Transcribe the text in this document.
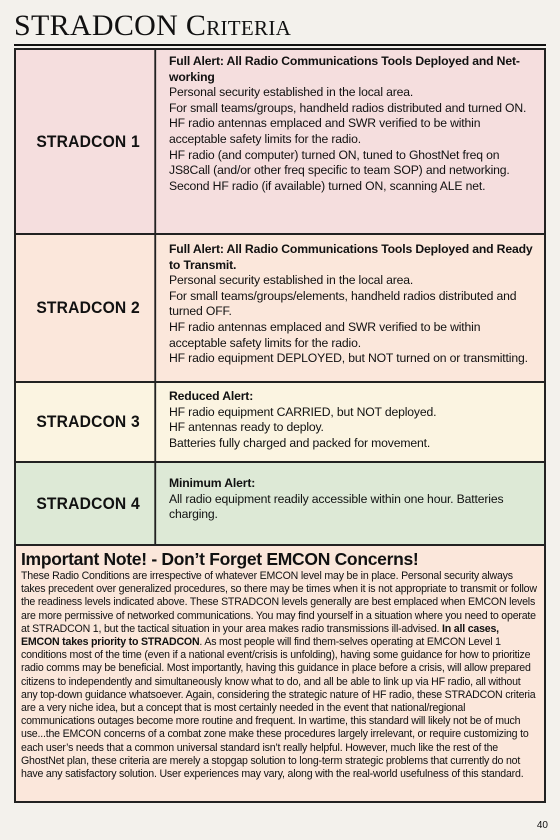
STRADCON Criteria
STRADCON 1

Full Alert: All Radio Communications Tools Deployed and Net-working

Personal security established in the local area.

For small teams/groups, handheld radios distributed and turned ON.

HF radio antennas emplaced and SWR verified to be within acceptable safety limits for the radio.

HF radio (and computer) turned ON, tuned to GhostNet freq on JS8Call (and/or other freq specific to team SOP) and networking.

Second HF radio (if available) turned ON, scanning ALE net.

STRADCON 2

Full Alert: All Radio Communications Tools Deployed and Ready to Transmit.

Personal security established in the local area.

For small teams/groups/elements, handheld radios distributed and turned OFF.

HF radio antennas emplaced and SWR verified to be within acceptable safety limits for the radio.

HF radio equipment DEPLOYED, but NOT turned on or transmitting.

STRADCON 3

Reduced Alert:

HF radio equipment CARRIED, but NOT deployed.

HF antennas ready to deploy.

Batteries fully charged and packed for movement.

STRADCON 4

Minimum Alert:

All radio equipment readily accessible within one hour. Batteries charging.

Important Note! - Don’t Forget EMCON Concerns!

These Radio Conditions are irrespective of whatever EMCON level may be in place. Personal security always takes precedent over generalized procedures, so there may be times when it is not appropriate to transmit or follow the readiness levels indicated above. These STRADCON levels generally are best emplaced when EMCON levels are more permissive of networked communications. You may find yourself in a situation where you need to operate at STRADCON 1, but the tactical situation in your area makes radio transmissions ill-advised. In all cases, EMCON takes priority to STRADCON. As most people will find them-selves operating at EMCON Level 1 conditions most of the time (even if a national event/crisis is unfolding), having some guidance for how to prioritize radio comms may be beneficial. Most importantly, having this guidance in place before a crisis, will allow prepared citizens to independently and simultaneously know what to do, and all be able to link up via HF radio, all without any top-down guidance whatsoever. Again, considering the strategic nature of HF radio, these STRADCON criteria are a very niche idea, but a concept that is most certainly needed in the event that national/regional communications outages become more routine and frequent. In wartime, this standard will likely not be of much use...the EMCON concerns of a combat zone make these procedures largely irrelevant, or require customizing to each user’s needs that a common universal standard isn’t really helpful. However, much like the rest of the GhostNet plan, these criteria are merely a stopgap solution to long-term strategic problems that currently do not have any satisfactory solution. User experiences may vary, along with the real-world usefulness of this standard.

40
